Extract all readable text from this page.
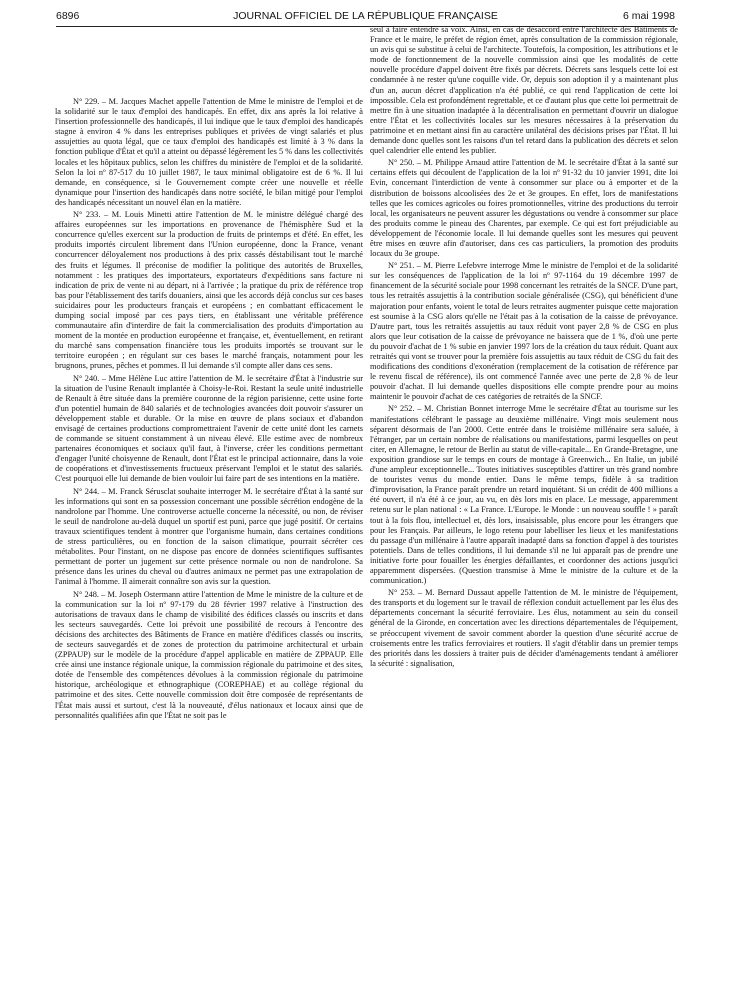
6896	JOURNAL OFFICIEL DE LA RÉPUBLIQUE FRANÇAISE	6 mai 1998

N° 229. – M. Jacques Machet appelle l'attention de Mme le ministre de l'emploi et de la solidarité sur le taux d'emploi des handicapés. En effet, dix ans après la loi relative à l'insertion professionnelle des handicapés, il lui indique que le taux d'emploi des handicapés stagne à environ 4 % dans les entreprises publiques et privées de vingt salariés et plus assujetties au quota légal, que ce taux d'emploi des handicapés est limité à 3 % dans la fonction publique d'État et qu'il a atteint ou dépassé légèrement les 5 % dans les collectivités locales et les hôpitaux publics, selon les chiffres du ministère de l'emploi et de la solidarité. Selon la loi nº 87-517 du 10 juillet 1987, le taux minimal obligatoire est de 6 %. Il lui demande, en conséquence, si le Gouvernement compte créer une nouvelle et réelle dynamique pour l'insertion des handicapés dans notre société, le bilan mitigé pour l'emploi des handicapés nécessitant un nouvel élan en la matière.

N° 233. – M. Louis Minetti attire l'attention de M. le ministre délégué chargé des affaires européennes sur les importations en provenance de l'hémisphère Sud et la concurrence qu'elles exercent sur la production de fruits de printemps et d'été. En effet, les produits importés circulent librement dans l'Union européenne, donc la France, venant concurrencer déloyalement nos productions à des prix cassés déstabilisant tout le marché des fruits et légumes. Il préconise de modifier la politique des autorités de Bruxelles, notamment : les pratiques des importateurs, exportateurs d'expéditions sans facture ni indication de prix de vente ni au départ, ni à l'arrivée ; la pratique du prix de référence trop bas pour l'établissement des tarifs douaniers, ainsi que les accords déjà conclus sur ces bases suicidaires pour les producteurs français et européens ; en combattant efficacement le dumping social imposé par ces pays tiers, en établissant une véritable préférence communautaire afin d'interdire de fait la commercialisation des produits d'importation au moment de la montée en production européenne et française, et, éventuellement, en retirant du marché sans compensation financière tous les produits importés se trouvant sur le territoire européen ; en régulant sur ces bases le marché français, notamment pour les brugnons, prunes, pêches et pommes. Il lui demande s'il compte aller dans ces sens.

N° 240. – Mme Hélène Luc attire l'attention de M. le secrétaire d'État à l'industrie sur la situation de l'usine Renault implantée à Choisy-le-Roi. Restant la seule unité industrielle de Renault à être située dans la première couronne de la région parisienne, cette usine forte d'un potentiel humain de 840 salariés et de technologies avancées doit pouvoir s'assurer un développement stable et durable. Or la mise en œuvre de plans sociaux et d'abandon envisagé de certaines productions compromettraient l'avenir de cette unité dont les carnets de commande se situent constamment à un niveau élevé. Elle estime avec de nombreux partenaires économiques et sociaux qu'il faut, à l'inverse, créer les conditions permettant d'engager l'unité choisyenne de Renault, dont l'État est le principal actionnaire, dans la voie de coopérations et d'investissements fructueux préservant l'emploi et le statut des salariés. C'est pourquoi elle lui demande de bien vouloir lui faire part de ses intentions en la matière.

N° 244. – M. Franck Sérusclat souhaite interroger M. le secrétaire d'État à la santé sur les informations qui sont en sa possession concernant une possible sécrétion endogène de la nandrolone par l'homme. Une controverse actuelle concerne la nécessité, ou non, de réviser le seuil de nandrolone au-delà duquel un sportif est puni, parce que jugé positif. Or certains travaux scientifiques tendent à montrer que l'organisme humain, dans certaines conditions de stress particulières, ou en fonction de la saison climatique, pourrait sécréter ces métabolites. Pour l'instant, on ne dispose pas encore de données scientifiques suffisantes permettant de porter un jugement sur cette présence normale ou non de nandrolone. Sa présence dans les urines du cheval ou d'autres animaux ne permet pas une extrapolation de l'animal à l'homme. Il aimerait connaître son avis sur la question.

N° 248. – M. Joseph Ostermann attire l'attention de Mme le ministre de la culture et de la communication sur la loi nº 97-179 du 28 février 1997 relative à l'instruction des autorisations de travaux dans le champ de visibilité des édifices classés ou inscrits et dans les secteurs sauvegardés. Cette loi prévoit une possibilité de recours à l'encontre des décisions des architectes des Bâtiments de France en matière d'édifices classés ou inscrits, de secteurs sauvegardés et de zones de protection du patrimoine architectural et urbain (ZPPAUP) sur le modèle de la procédure d'appel applicable en matière de ZPPAUP. Elle crée ainsi une instance régionale unique, la commission régionale du patrimoine et des sites, dotée de l'ensemble des compétences dévolues à la commission régionale du patrimoine historique, archéologique et ethnographique (COREPHAE) et au collège régional du patrimoine et des sites. Cette nouvelle commission doit être composée de représentants de l'État mais aussi et surtout, c'est là la nouveauté, d'élus nationaux et locaux ainsi que de personnalités qualifiées afin que l'État ne soit pas le

seul à faire entendre sa voix. Ainsi, en cas de désaccord entre l'architecte des Bâtiments de France et le maire, le préfet de région émet, après consultation de la commission régionale, un avis qui se substitue à celui de l'architecte. Toutefois, la composition, les attributions et le mode de fonctionnement de la nouvelle commission ainsi que les modalités de cette nouvelle procédure d'appel doivent être fixés par décrets. Décrets sans lesquels cette loi est condamnée à ne rester qu'une coquille vide. Or, depuis son adoption il y a maintenant plus d'un an, aucun décret d'application n'a été publié, ce qui rend l'application de cette loi impossible. Cela est profondément regrettable, et ce d'autant plus que cette loi permettrait de mettre fin à une situation inadaptée à la décentralisation en permettant d'ouvrir un dialogue entre l'État et les collectivités locales sur les mesures nécessaires à la préservation du patrimoine et en mettant ainsi fin au caractère unilatéral des décisions prises par l'État. Il lui demande donc quelles sont les raisons d'un tel retard dans la publication des décrets et selon quel calendrier elle entend les publier.

N° 250. – M. Philippe Arnaud attire l'attention de M. le secrétaire d'État à la santé sur certains effets qui découlent de l'application de la loi nº 91-32 du 10 janvier 1991, dite loi Evin, concernant l'interdiction de vente à consommer sur place ou à emporter et de la distribution de boissons alcoolisées des 2e et 3e groupes. En effet, lors de manifestations telles que les comices agricoles ou foires promotionnelles, vitrine des productions du terroir local, les organisateurs ne peuvent assurer les dégustations ou vendre à consommer sur place des produits comme le pineau des Charentes, par exemple. Ce qui est fort préjudiciable au développement de l'économie locale. Il lui demande quelles sont les mesures qui peuvent être mises en œuvre afin d'autoriser, dans ces cas particuliers, la promotion des produits locaux du 3e groupe.

N° 251. – M. Pierre Lefebvre interroge Mme le ministre de l'emploi et de la solidarité sur les conséquences de l'application de la loi nº 97-1164 du 19 décembre 1997 de financement de la sécurité sociale pour 1998 concernant les retraités de la SNCF. D'une part, tous les retraités assujettis à la contribution sociale généralisée (CSG), qui bénéficient d'une majoration pour enfants, voient le total de leurs retraites augmenter puisque cette majoration est soumise à la CSG alors qu'elle ne l'était pas à la cotisation de la caisse de prévoyance. D'autre part, tous les retraités assujettis au taux réduit vont payer 2,8 % de CSG en plus alors que leur cotisation de la caisse de prévoyance ne baissera que de 1 %, d'où une perte du pouvoir d'achat de 1 % subie en janvier 1997 lors de la création du taux réduit. Quant aux retraités qui vont se trouver pour la première fois assujettis au taux réduit de CSG du fait des modifications des conditions d'exonération (remplacement de la cotisation de référence par le revenu fiscal de référence), ils ont commencé l'année avec une perte de 2,8 % de leur pouvoir d'achat. Il lui demande quelles dispositions elle compte prendre pour au moins maintenir le pouvoir d'achat de ces catégories de retraités de la SNCF.

N° 252. – M. Christian Bonnet interroge Mme le secrétaire d'État au tourisme sur les manifestations célébrant le passage au deuxième millénaire. Vingt mois seulement nous séparent désormais de l'an 2000. Cette entrée dans le troisième millénaire sera saluée, à l'étranger, par un certain nombre de réalisations ou manifestations, parmi lesquelles on peut citer, en Allemagne, le retour de Berlin au statut de ville-capitale... En Grande-Bretagne, une exposition grandiose sur le temps en cours de montage à Greenwich... En Italie, un jubilé d'une ampleur exceptionnelle... Toutes initiatives susceptibles d'attirer un très grand nombre de touristes venus du monde entier. Dans le même temps, fidèle à sa tradition d'improvisation, la France paraît prendre un retard inquiétant. Si un crédit de 400 millions a été ouvert, il n'a été à ce jour, au vu, en dès lors mis en place. Le message, apparemment retenu sur le plan national : « La France. L'Europe. le Monde : un nouveau souffle ! » paraît tout à la fois flou, intellectuel et, dès lors, insaisissable, plus encore pour les étrangers que pour les Français. Par ailleurs, le logo retenu pour labelliser les lieux et les manifestations du passage d'un millénaire à l'autre apparaît inadapté dans sa fonction d'appel à des touristes potentiels. Dans de telles conditions, il lui demande s'il ne lui apparaît pas de prendre une initiative forte pour fouailler les énergies défaillantes, et coordonner des actions jusqu'ici apparemment dispersées. (Question transmise à Mme le ministre de la culture et de la communication.)

N° 253. – M. Bernard Dussaut appelle l'attention de M. le ministre de l'équipement, des transports et du logement sur le travail de réflexion conduit actuellement par les élus des départements concernant la sécurité ferroviaire. Les élus, notamment au sein du conseil général de la Gironde, en concertation avec les directions départementales de l'équipement, se préoccupent vivement de savoir comment aborder la question d'une sécurité accrue de croisements entre les trafics ferroviaires et routiers. Il s'agit d'établir dans un premier temps des priorités dans les dossiers à traiter puis de décider d'aménagements tendant à améliorer la sécurité : signalisation,
